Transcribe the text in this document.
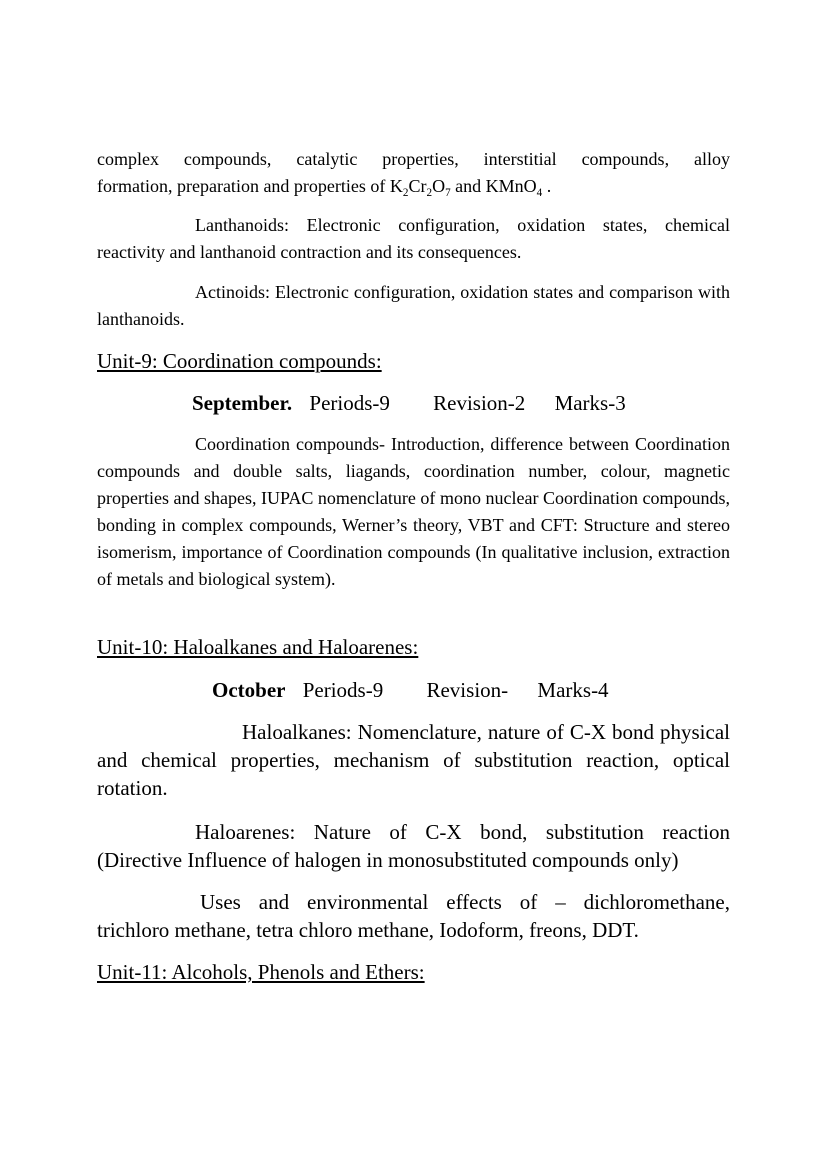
complex compounds, catalytic properties, interstitial compounds, alloy
formation, preparation and properties of $K_2Cr_2O_7$ and KMnO$_4$ .
Lanthanoids: Electronic configuration, oxidation states, chemical reactivity and lanthanoid contraction and its consequences.
Actinoids: Electronic configuration, oxidation states and comparison with lanthanoids.
Unit-9: Coordination compounds:
September. Periods-9 Revision-2 Marks-3
Coordination compounds- Introduction, difference between Coordination compounds and double salts, liagands, coordination number, colour, magnetic properties and shapes, IUPAC nomenclature of mono nuclear Coordination compounds, bonding in complex compounds, Werner’s theory, VBT and CFT: Structure and stereo isomerism, importance of Coordination compounds (In qualitative inclusion, extraction of metals and biological system).
Unit-10: Haloalkanes and Haloarenes:
October Periods-9 Revision- Marks-4
Haloalkanes: Nomenclature, nature of C-X bond physical and chemical properties, mechanism of substitution reaction, optical rotation.
Haloarenes: Nature of C-X bond, substitution reaction (Directive Influence of halogen in monosubstituted compounds only)
Uses and environmental effects of – dichloromethane, trichloro methane, tetra chloro methane, Iodoform, freons, DDT.
Unit-11: Alcohols, Phenols and Ethers:
